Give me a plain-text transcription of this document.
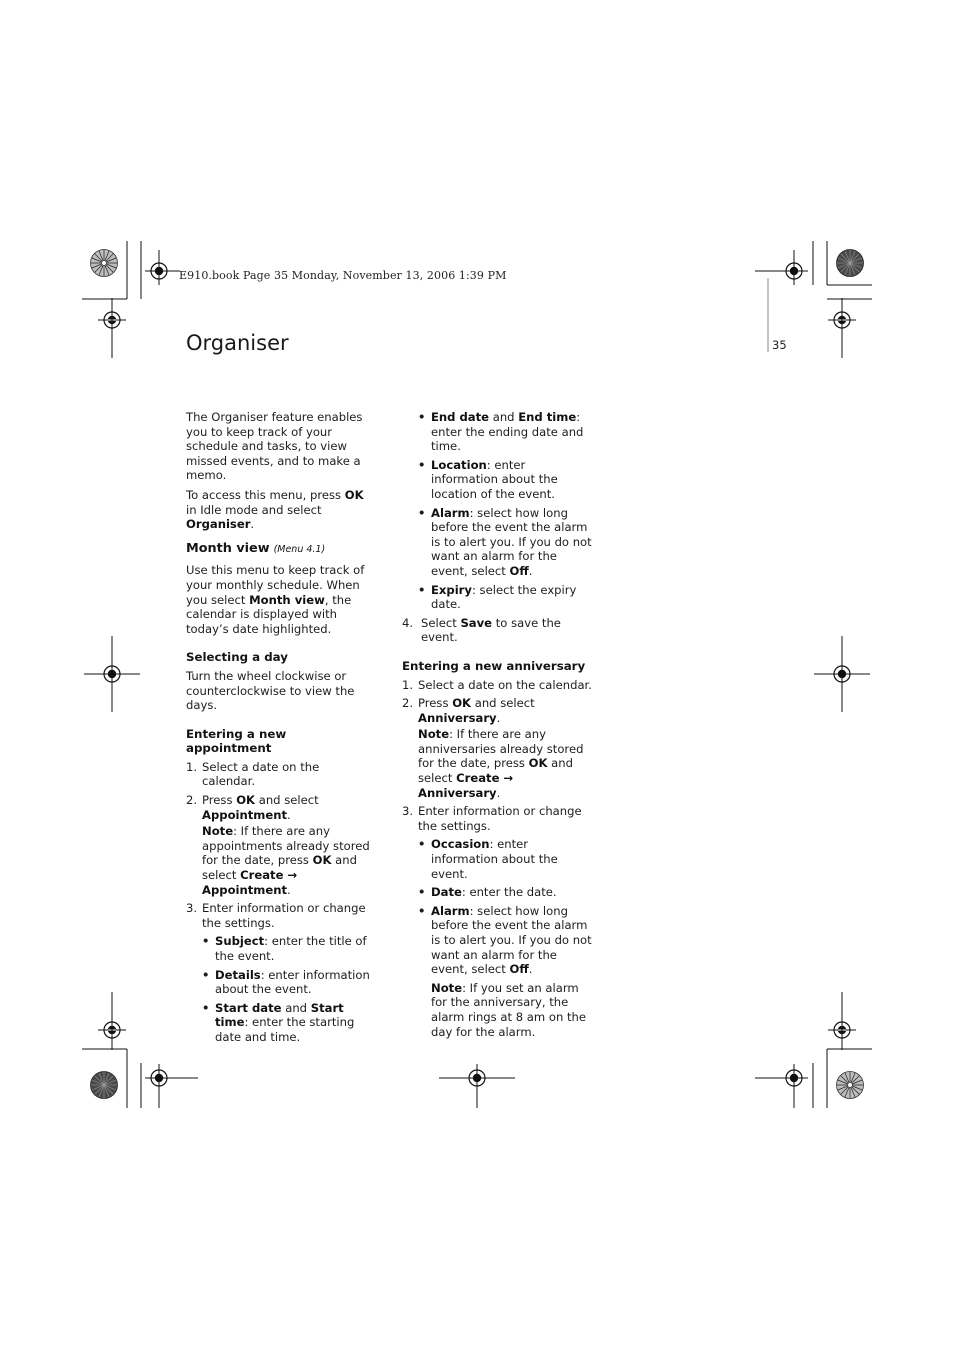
E910.book Page 35 Monday, November 13, 2006 1:39 PM
35
Organiser

The Organiser feature enables you to keep track of your schedule and tasks, to view missed events, and to make a memo.

To access this menu, press OK in Idle mode and select Organiser.

Month view (Menu 4.1)

Use this menu to keep track of your monthly schedule. When you select Month view, the calendar is displayed with today’s date highlighted.

Selecting a day

Turn the wheel clockwise or counterclockwise to view the days.

Entering a new appointment
1. Select a date on the calendar.

2. Press OK and select Appointment.

Note: If there are any appointments already stored for the date, press OK and select Create → Appointment.

3. Enter information or change the settings.

• Subject: enter the title of the event.
• Details: enter information about the event.
• Start date and Start time: enter the starting date and time.
• End date and End time: enter the ending date and time.
• Location: enter information about the location of the event.
• Alarm: select how long before the event the alarm is to alert you. If you do not want an alarm for the event, select Off.
• Expiry: select the expiry date.
4. Select Save to save the event.

Entering a new anniversary
1. Select a date on the calendar.

2. Press OK and select Anniversary.

Note: If there are any anniversaries already stored for the date, press OK and select Create → Anniversary.

3. Enter information or change the settings.

• Occasion: enter information about the event.
• Date: enter the date.
• Alarm: select how long before the event the alarm is to alert you. If you do not want an alarm for the event, select Off.

Note: If you set an alarm for the anniversary, the alarm rings at 8 am on the day for the alarm.
